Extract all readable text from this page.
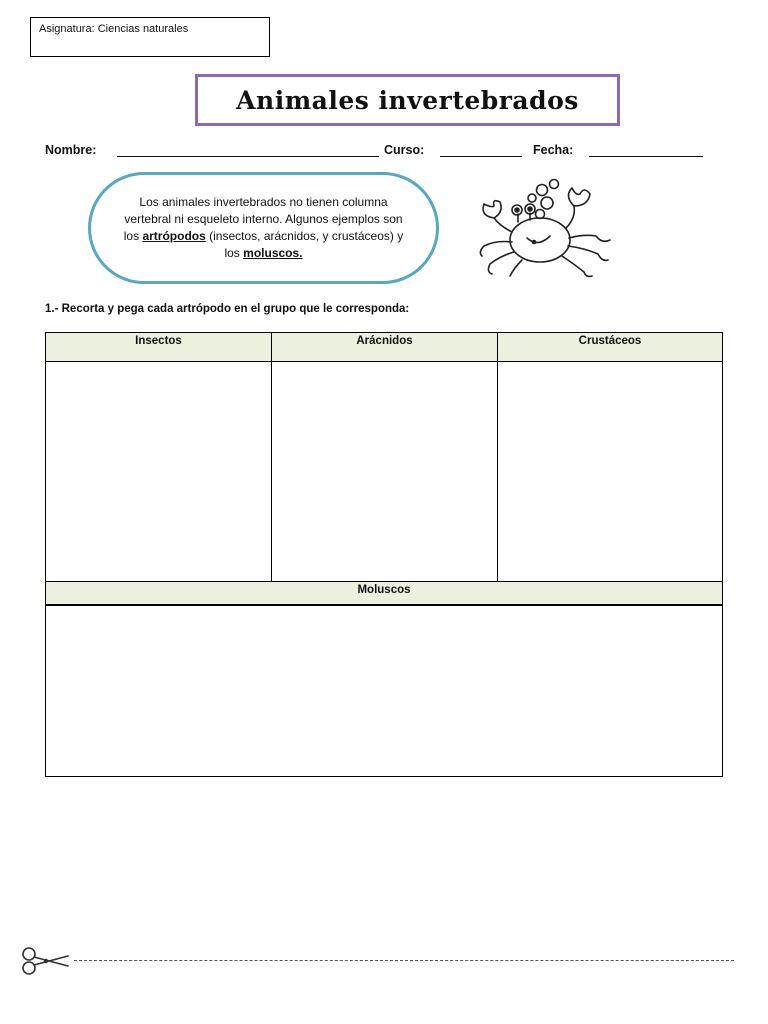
Asignatura: Ciencias naturales
Animales invertebrados
Nombre:	Curso:	Fecha:
Los animales invertebrados no tienen columna vertebral ni esqueleto interno. Algunos ejemplos son los artrópodos (insectos, arácnidos, y crustáceos) y los moluscos.
1.- Recorta y pega cada artrópodo en el grupo que le corresponda:
Insectos	Arácnidos	Crustáceos
Moluscos
